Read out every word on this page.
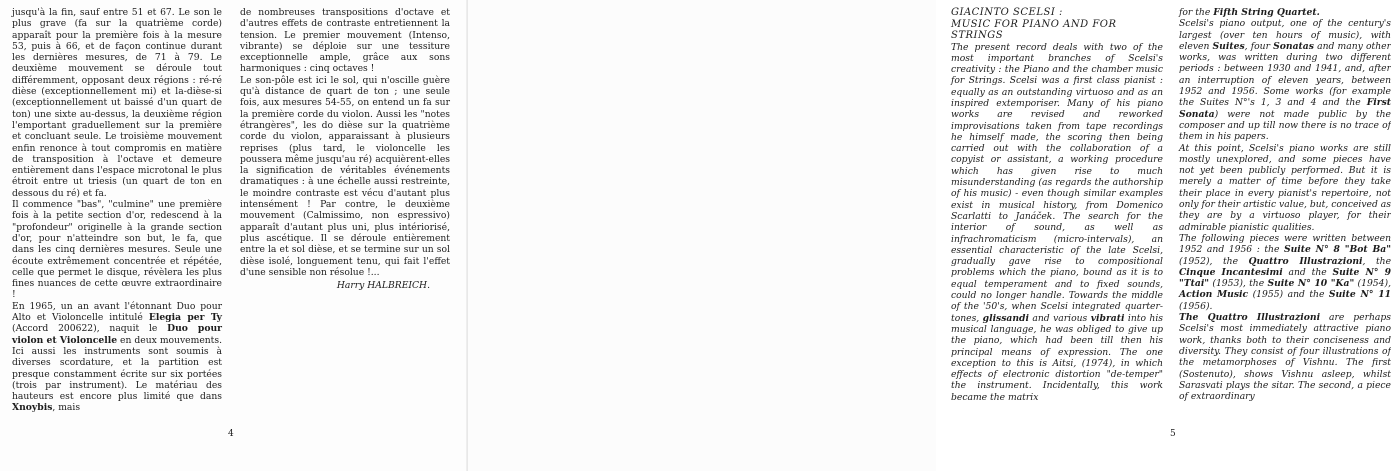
jusqu'à la fin, sauf entre 51 et 67. Le son le plus grave (fa sur la quatrième corde) apparaît pour la première fois à la mesure 53, puis à 66, et de façon continue durant les dernières mesures, de 71 à 79. Le deuxième mouvement se déroule tout différemment, opposant deux régions : ré-ré dièse (exceptionnellement mi) et la-dièse-si (exceptionnellement ut baissé d'un quart de ton) une sixte au-dessus, la deuxième région l'emportant graduellement sur la première et concluant seule. Le troisième mouvement enfin renonce à tout compromis en matière de transposition à l'octave et demeure entièrement dans l'espace microtonal le plus étroit entre ut triesis (un quart de ton en dessous du ré) et fa.

Il commence "bas", "culmine" une première fois à la petite section d'or, redescend à la "profondeur" originelle à la grande section d'or, pour n'atteindre son but, le fa, que dans les cinq dernières mesures. Seule une écoute extrêmement concentrée et répétée, celle que permet le disque, révèlera les plus fines nuances de cette œuvre extraordinaire !

En 1965, un an avant l'étonnant Duo pour Alto et Violoncelle intitulé Elegia per Ty (Accord 200622), naquit le Duo pour violon et Violoncelle en deux mouvements. Ici aussi les instruments sont soumis à diverses scordature, et la partition est presque constamment écrite sur six portées (trois par instrument). Le matériau des hauteurs est encore plus limité que dans Xnoybis, mais

de nombreuses transpositions d'octave et d'autres effets de contraste entretiennent la tension. Le premier mouvement (Intenso, vibrante) se déploie sur une tessiture exceptionnelle ample, grâce aux sons harmoniques : cinq octaves !

Le son-pôle est ici le sol, qui n'oscille guère qu'à distance de quart de ton ; une seule fois, aux mesures 54-55, on entend un fa sur la première corde du violon. Aussi les "notes étrangères", les do dièse sur la quatrième corde du violon, apparaissant à plusieurs reprises (plus tard, le violoncelle les poussera même jusqu'au ré) acquièrent-elles la signification de véritables événements dramatiques : à une échelle aussi restreinte, le moindre contraste est vécu d'autant plus intensément ! Par contre, le deuxième mouvement (Calmissimo, non espressivo) apparaît d'autant plus uni, plus intériorisé, plus ascétique. Il se déroule entièrement entre la et sol dièse, et se termine sur un sol dièse isolé, longuement tenu, qui fait l'effet d'une sensible non résolue !...

Harry HALBREICH.

4
GIACINTO SCELSI :
MUSIC FOR PIANO AND FOR
STRINGS

The present record deals with two of the most important branches of Scelsi's creativity : the Piano and the chamber music for Strings. Scelsi was a first class pianist : equally as an outstanding virtuoso and as an inspired extemporiser. Many of his piano works are revised and reworked improvisations taken from tape recordings he himself made, the scoring then being carried out with the collaboration of a copyist or assistant, a working procedure which has given rise to much misunderstanding (as regards the authorship of his music) - even though similar examples exist in musical history, from Domenico Scarlatti to Janáček. The search for the interior of sound, as well as infrachromaticism (micro-intervals), an essential characteristic of the late Scelsi, gradually gave rise to compositional problems which the piano, bound as it is to equal temperament and to fixed sounds, could no longer handle. Towards the middle of the '50's, when Scelsi integrated quarter-tones, glissandi and various vibrati into his musical language, he was obliged to give up the piano, which had been till then his principal means of expression. The one exception to this is Aitsi, (1974), in which effects of electronic distortion "de-temper" the instrument. Incidentally, this work became the matrix

for the Fifth String Quartet.

Scelsi's piano output, one of the century's largest (over ten hours of music), with eleven Suites, four Sonatas and many other works, was written during two different periods : between 1930 and 1941, and, after an interruption of eleven years, between 1952 and 1956. Some works (for example the Suites N°'s 1, 3 and 4 and the First Sonata) were not made public by the composer and up till now there is no trace of them in his papers.

At this point, Scelsi's piano works are still mostly unexplored, and some pieces have not yet been publicly performed. But it is merely a matter of time before they take their place in every pianist's repertoire, not only for their artistic value, but, conceived as they are by a virtuoso player, for their admirable pianistic qualities.

The following pieces were written between 1952 and 1956 : the Suite N° 8 "Bot Ba" (1952), the Quattro Illustrazioni, the Cinque Incantesimi and the Suite N° 9 "Ttai" (1953), the Suite N° 10 "Ka" (1954), Action Music (1955) and the Suite N° 11 (1956).

The Quattro Illustrazioni are perhaps Scelsi's most immediately attractive piano work, thanks both to their conciseness and diversity. They consist of four illustrations of the metamorphoses of Vishnu. The first (Sostenuto), shows Vishnu asleep, whilst Sarasvati plays the sitar. The second, a piece of extraordinary

5
